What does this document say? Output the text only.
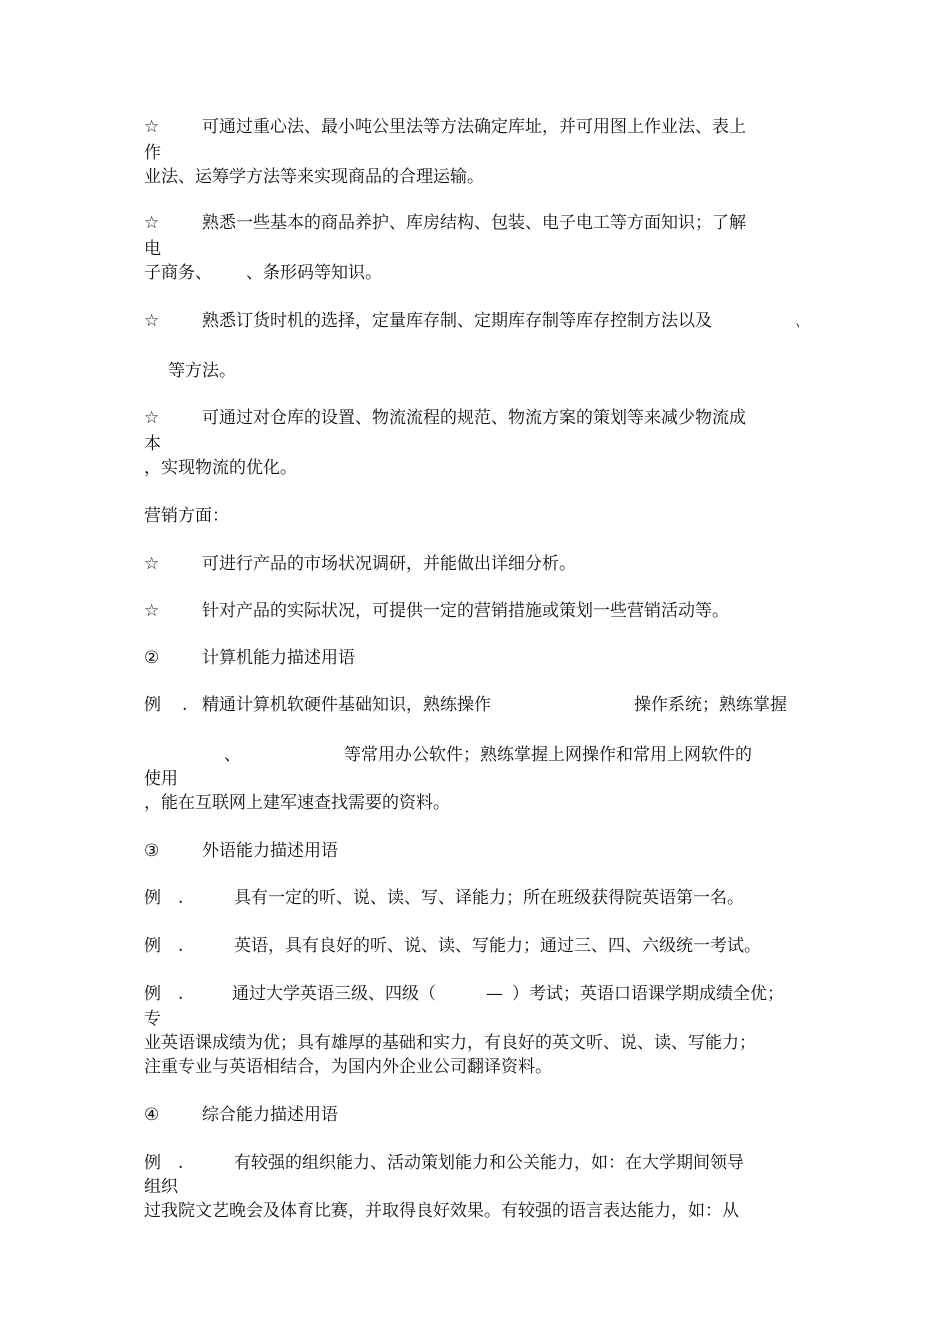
☆	可通过重心法、最小吨公里法等方法确定库址，并可用图上作业法、表上
作
业法、运筹学方法等来实现商品的合理运输。
☆	熟悉一些基本的商品养护、库房结构、包装、电子电工等方面知识；了解
电
子商务、 、条形码等知识。
☆	熟悉订货时机的选择，定量库存制、定期库存制等库存控制方法以及	、
等方法。
☆	可通过对仓库的设置、物流流程的规范、物流方案的策划等来减少物流成
本
，实现物流的优化。
营销方面：
☆	可进行产品的市场状况调研，并能做出详细分析。
☆	针对产品的实际状况，可提供一定的营销措施或策划一些营销活动等。
②	计算机能力描述用语
例 . 精通计算机软硬件基础知识，熟练操作	操作系统；熟练掌握
、	等常用办公软件；熟练掌握上网操作和常用上网软件的
使用
，能在互联网上建军速查找需要的资料。
③	外语能力描述用语
例 .	具有一定的听、说、读、写、译能力；所在班级获得院英语第一名。
例 .	英语，具有良好的听、说、读、写能力；通过三、四、六级统一考试。
例 .	通过大学英语三级、四级（	— ）考试；英语口语课学期成绩全优；
专
业英语课成绩为优；具有雄厚的基础和实力，有良好的英文听、说、读、写能力；
注重专业与英语相结合，为国内外企业公司翻译资料。
④	综合能力描述用语
例 .	有较强的组织能力、活动策划能力和公关能力，如：在大学期间领导
组织
过我院文艺晚会及体育比赛，并取得良好效果。有较强的语言表达能力，如：从
